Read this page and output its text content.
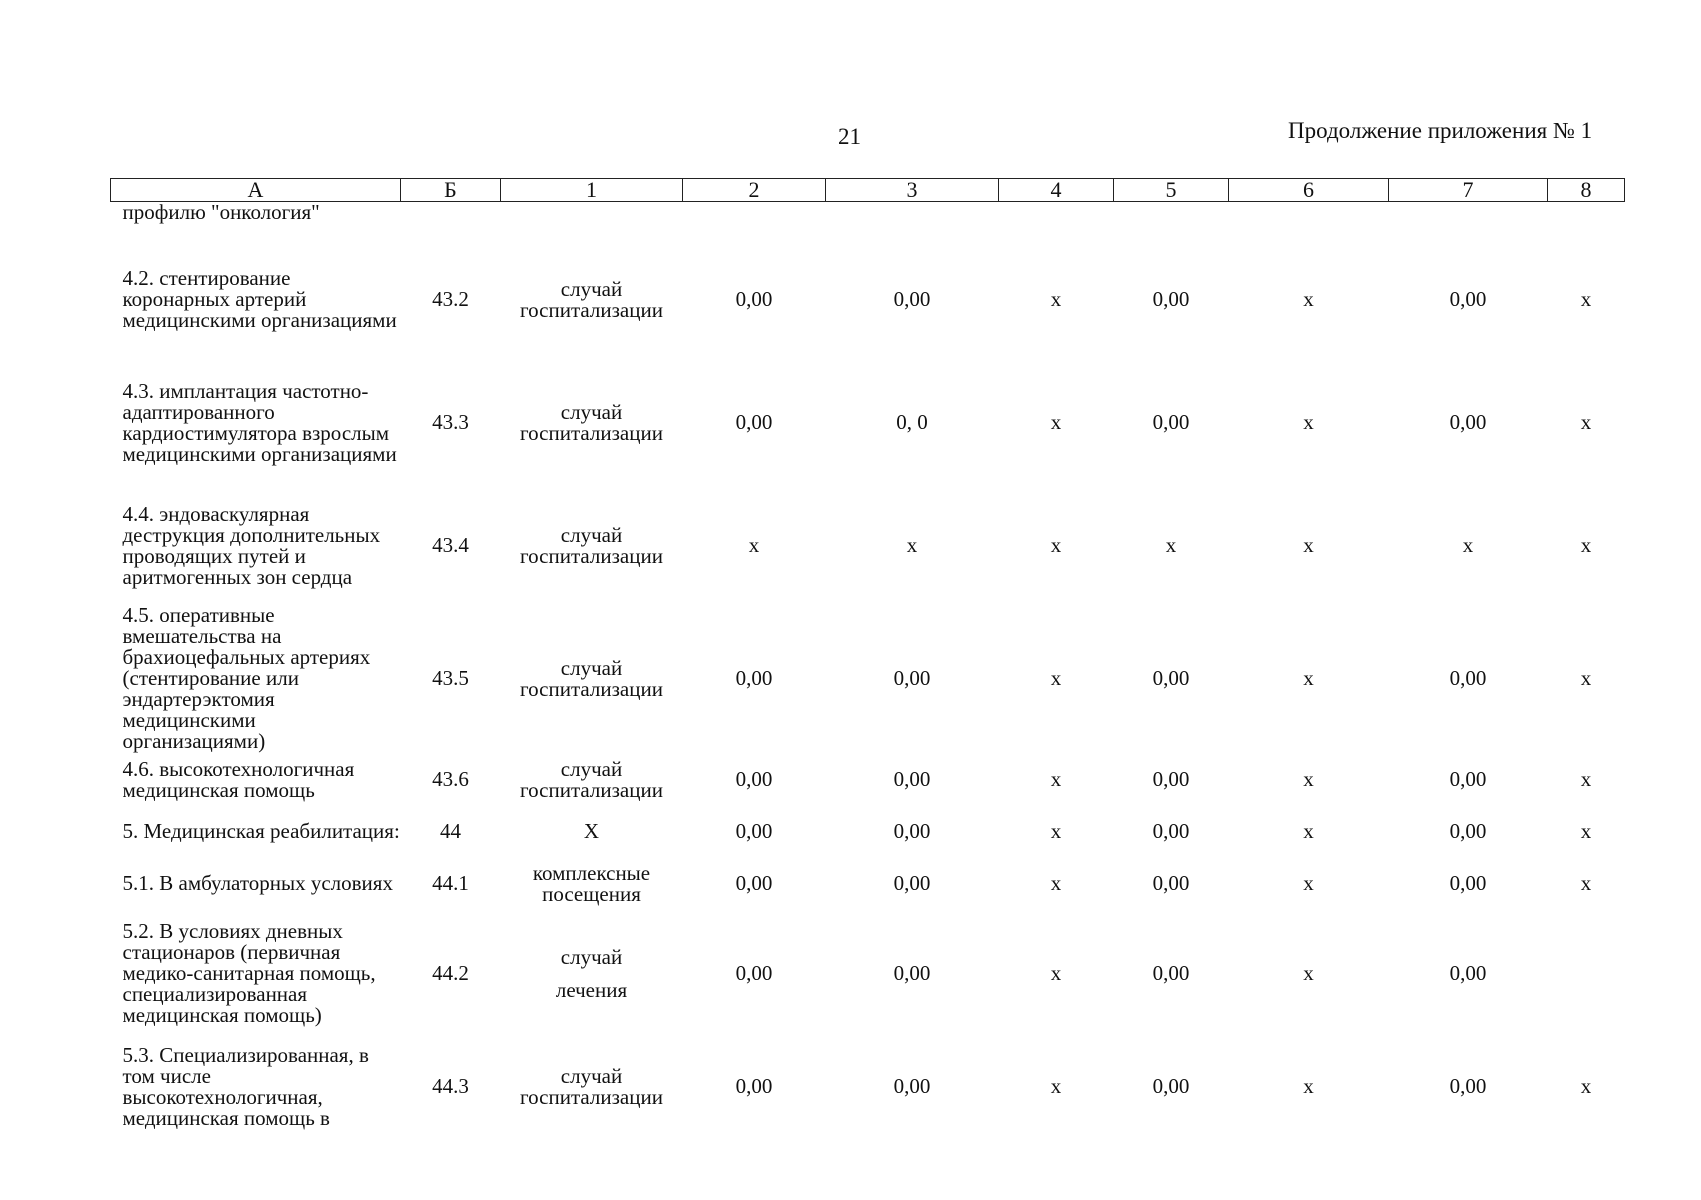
21	Продолжение приложения № 1
А	Б	1	2	3	4	5	6	7	8
профилю "онкология"									
4.2. стентирование коронарных артерий медицинскими организациями	43.2	случай
госпитализации	0,00	0,00	x	0,00	x	0,00	x
4.3. имплантация частотно-адаптированного кардиостимулятора взрослым медицинскими организациями	43.3	случай
госпитализации	0,00	0, 0	x	0,00	x	0,00	x
4.4. эндоваскулярная деструкция дополнительных проводящих путей и аритмогенных зон сердца	43.4	случай
госпитализации	x	x	x	x	x	x	x
4.5. оперативные вмешательства на брахиоцефальных артериях (стентирование или эндартерэктомия медицинскими организациями)	43.5	случай
госпитализации	0,00	0,00	x	0,00	x	0,00	x
4.6. высокотехнологичная медицинская помощь	43.6	случай
госпитализации	0,00	0,00	x	0,00	x	0,00	x
5. Медицинская реабилитация:	44	Х	0,00	0,00	x	0,00	x	0,00	x
5.1. В амбулаторных условиях	44.1	комплексные
посещения	0,00	0,00	x	0,00	x	0,00	x
5.2. В условиях дневных стационаров (первичная медико-санитарная помощь, специализированная медицинская помощь)	44.2	случай
лечения	0,00	0,00	x	0,00	x	0,00	
5.3. Специализированная, в том числе высокотехнологичная, медицинская помощь в	44.3	случай
госпитализации	0,00	0,00	x	0,00	x	0,00	x
